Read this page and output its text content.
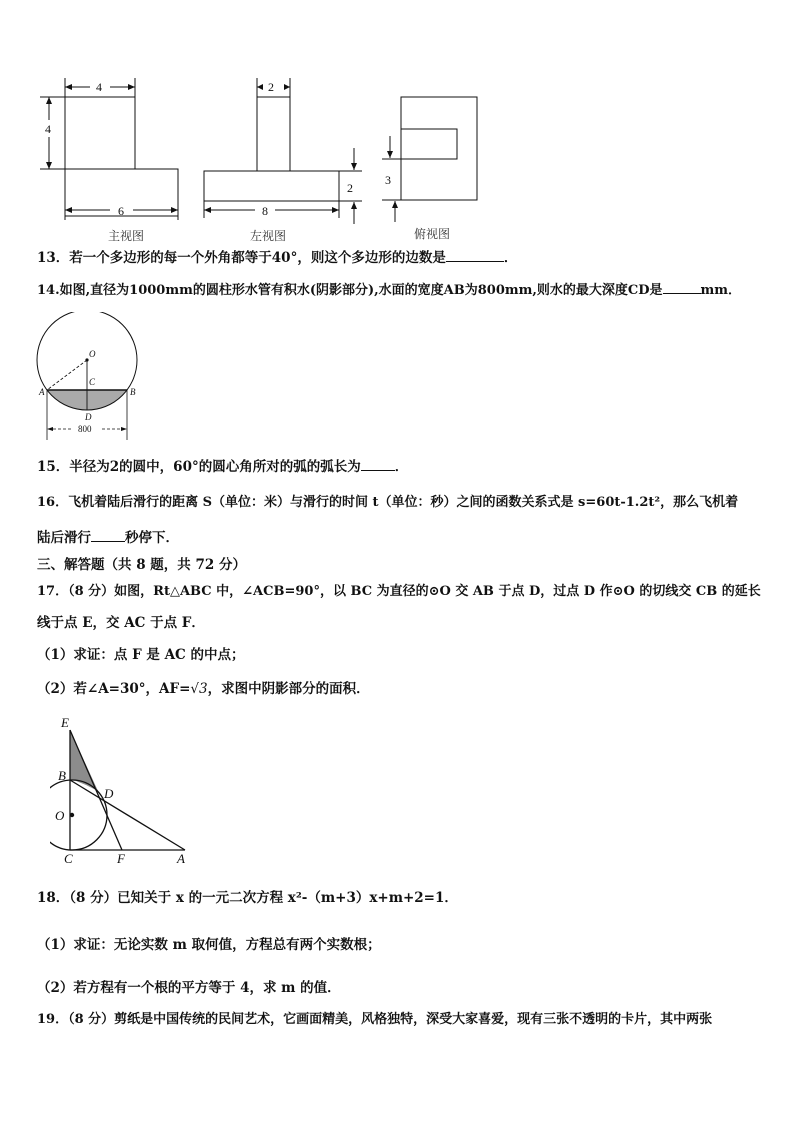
4
4
6
2
2
8
3
主视图	左视图	俯视图
13．若一个多边形的每一个外角都等于40°，则这个多边形的边数是	．
14.如图,直径为1000mm的圆柱形水管有积水(阴影部分),水面的宽度AB为800mm,则水的最大深度CD是	mm．
O
A	B
C
D
800
15．半径为2的圆中，60°的圆心角所对的弧的弧长为	．
16．飞机着陆后滑行的距离 S（单位：米）与滑行的时间 t（单位：秒）之间的函数关系式是 s=60t-1.2t²，那么飞机着
陆后滑行	秒停下．
三、解答题（共 8 题，共 72 分）
17．（8 分）如图，Rt△ABC 中，∠ACB=90°，以 BC 为直径的⊙O 交 AB 于点 D，过点 D 作⊙O 的切线交 CB 的延长
线于点 E，交 AC 于点 F．
（1）求证：点 F 是 AC 的中点；
（2）若∠A=30°，AF=√3，求图中阴影部分的面积．
E
B
D
O
C	F	A
18．（8 分）已知关于 x 的一元二次方程 x²-（m+3）x+m+2=1．
（1）求证：无论实数 m 取何值，方程总有两个实数根；
（2）若方程有一个根的平方等于 4，求 m 的值．
19．（8 分）剪纸是中国传统的民间艺术，它画面精美，风格独特，深受大家喜爱，现有三张不透明的卡片，其中两张
